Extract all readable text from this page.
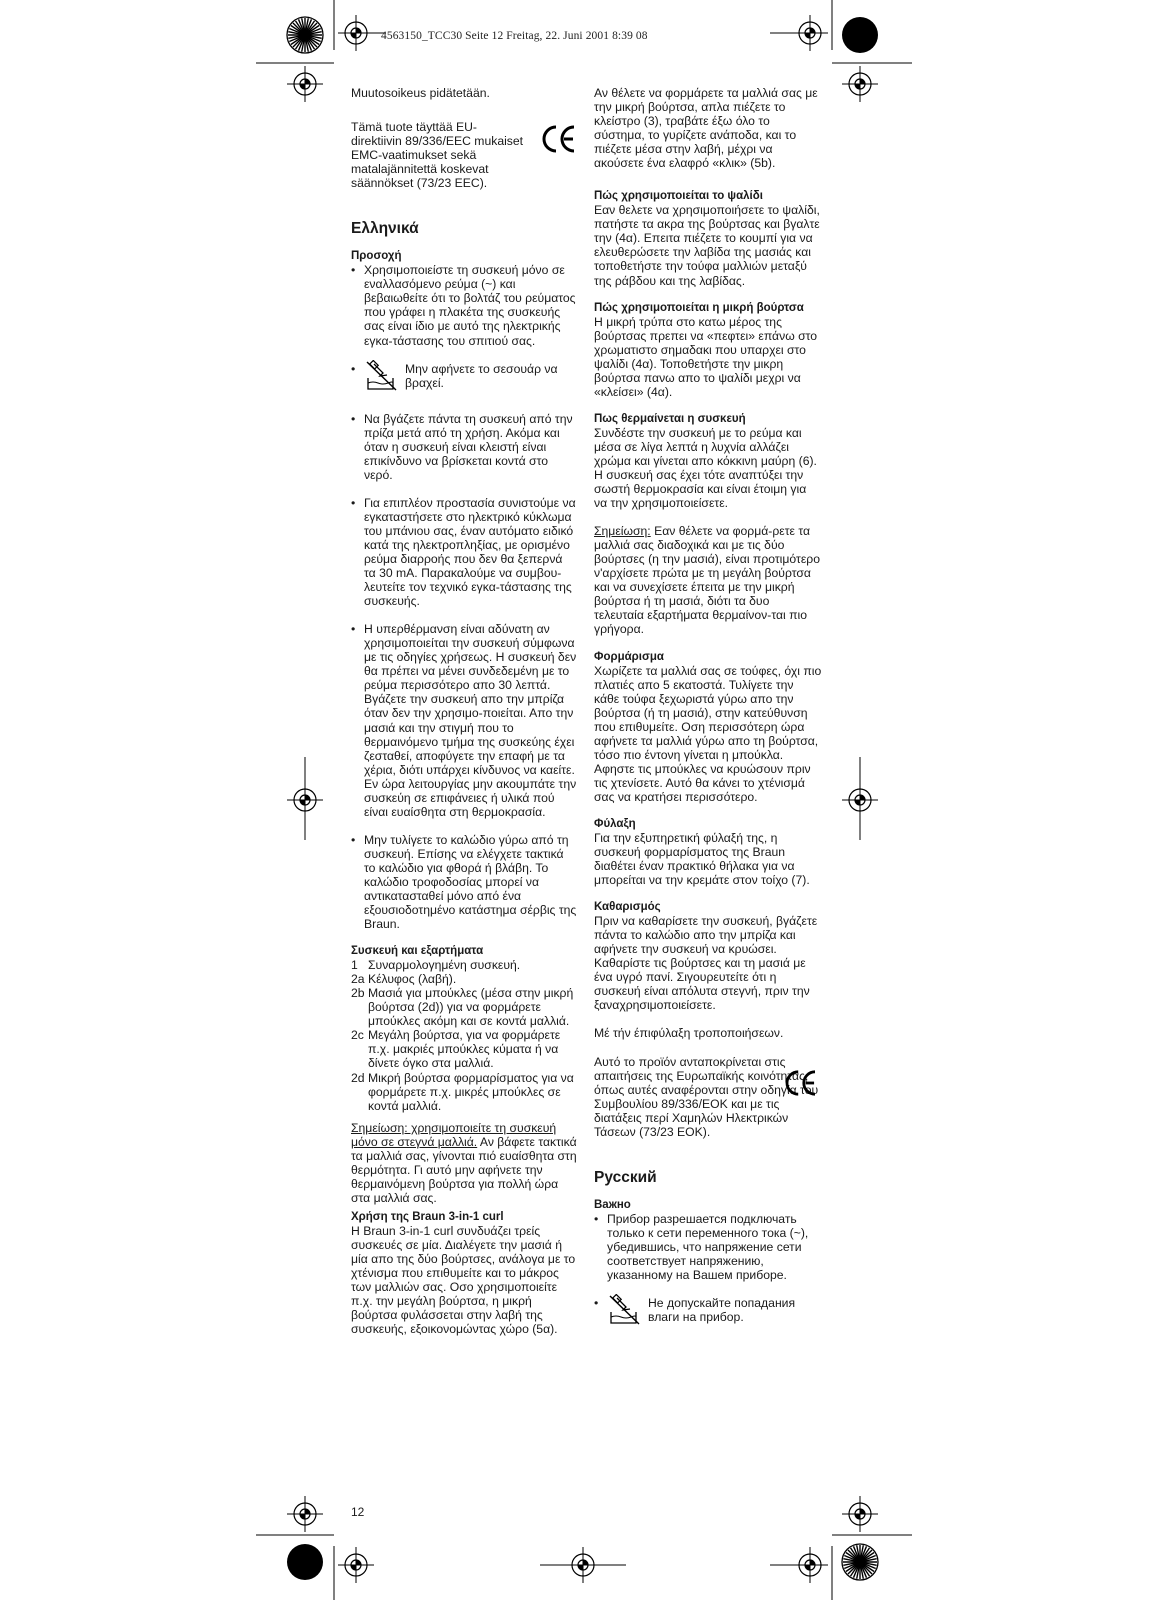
4563150_TCC30 Seite 12 Freitag, 22. Juni 2001 8:39 08

Muutosoikeus pidätetään.

Tämä tuote täyttää EU-direktiivin 89/336/EEC mukaiset EMC-vaatimukset sekä matalajännitettä koskevat säännökset (73/23 EEC).

Ελληνικά
Προσοχή
• Χρησιμοποιείστε τη συσκευή μόνο σε εναλλασόμενο ρεύμα (~) και βεβαιωθείτε ότι το βολτάζ του ρεύματος που γράφει η πλακέτα της συσκευής σας είναι ίδιο με αυτό της ηλεκτρικής εγκα-τάστασης του σπιτιού σας.

•	Μην αφήνετε το σεσουάρ να βραχεί.
• Να βγάζετε πάντα τη συσκευή από την πρίζα μετά από τη χρήση. Ακόμα και όταν η συσκευή είναι κλειστή είναι επικίνδυνο να βρίσκεται κοντά στο νερό.

• Για επιπλέον προστασία συνιστούμε να εγκαταστήσετε στο ηλεκτρικό κύκλωμα του μπάνιου σας, έναν αυτόματο ειδικό κατά της ηλεκτροπληξίας, με ορισμένο ρεύμα διαρροής που δεν θα ξεπερνά τα 30 mA. Παρακαλούμε να συμβου-λευτείτε τον τεχνικό εγκα-τάστασης της συσκευής.

• Η υπερθέρμανση είναι αδύνατη αν χρησιμοποιείται την συσκευή σύμφωνα με τις οδηγίες χρήσεως. Η συσκευή δεν θα πρέπει να μένει συνδεδεμένη με το ρεύμα περισσότερο απο 30 λεπτά. Βγάζετε την συσκευή απο την μπρίζα όταν δεν την χρησιμο-ποιείται. Απο την μασιά και την στιγμή που το θερμαινόμενο τμήμα της συσκεύης έχει ζεσταθεί, αποφύγετε την επαφή με τα χέρια, διότι υπάρχει κίνδυνος να καείτε. Εν ώρα λειτουργίας μην ακουμπάτε την συσκεύη σε επιφάνειες ή υλικά πού είναι ευαίσθητα στη θερμοκρασία.

• Μην τυλίγετε το καλώδιο γύρω από τη συσκευή. Επίσης να ελέγχετε τακτικά το καλώδιο για φθορά ή βλάβη. Το καλώδιο τροφοδοσίας μπορεί να αντικατασταθεί μόνο από ένα εξουσιοδοτημένο κατάστημα σέρβις της Braun.

Συσκευή και εξαρτήματα
1 Συναρμολογημένη συσκευή.
2a Κέλυφος (λαβή).
2b Μασιά για μπούκλες (μέσα στην μικρή βούρτσα (2d)) για να φορμάρετε μπούκλες ακόμη και σε κοντά μαλλιά.
2c Μεγάλη βούρτσα, για να φορμάρετε π.χ. μακριές μπούκλες κύματα ή να δίνετε όγκο στα μαλλιά.
2d Μικρή βούρτσα φορμαρίσματος για να φορμάρετε π.χ. μικρές μπούκλες σε κοντά μαλλιά.

Σημείωση: χρησιμοποιείτε τη συσκευή μόνο σε στεγνά μαλλιά. Αν βάφετε τακτικά τα μαλλιά σας, γίνονται πιό ευαίσθητα στη θερμότητα. Γι αυτό μην αφήνετε την θερμαινόμενη βούρτσα για πολλή ώρα στα μαλλιά σας.

Χρήση της Braun 3-in-1 curl

Η Braun 3-in-1 curl συνδυάζει τρείς συσκευές σε μία. Διαλέγετε την μασιά ή μία απο της δύο βούρτσες, ανάλογα με το χτένισμα που επιθυμείτε και το μάκρος των μαλλιών σας. Οσο χρησιμοποιείτε π.χ. την μεγάλη βούρτσα, η μικρή βούρτσα φυλάσσεται στην λαβή της συσκευής, εξοικονομώντας χώρο (5α).

12

Αν θέλετε να φορμάρετε τα μαλλιά σας με την μικρή βούρτσα, απλα πιέζετε το κλείστρο (3), τραβάτε έξω όλο το σύστημα, το γυρίζετε ανάποδα, και το πιέζετε μέσα στην λαβή, μέχρι να ακούσετε ένα ελαφρό «κλικ» (5b).

Πώς χρησιμοποιείται το ψαλίδι

Εαν θελετε να χρησιμοποιήσετε το ψαλίδι, πατήστε τα ακρα της βούρτσας και βγαλτε την (4α). Επειτα πιέζετε το κουμπί για να ελευθερώσετε την λαβίδα της μασιάς και τοποθετήστε την τούφα μαλλιών μεταξύ της ράβδου και της λαβίδας.

Πώς χρησιμοποιείται η μικρή βούρτσα

Η μικρή τρύπα στο κατω μέρος της βούρτσας πρεπει να «πεφτει» επάνω στο χρωματιστο σημαδακι που υπαρχει στο ψαλίδι (4α). Τοποθετήστε την μικρη βούρτσα πανω απο το ψαλίδι μεχρι να «κλείσει» (4α).

Πως θερμαίνεται η συσκευή

Συνδέστε την συσκευή με το ρεύμα και μέσα σε λίγα λεπτά η λυχνία αλλάζει χρώμα και γίνεται απο κόκκινη μαύρη (6). Η συσκευή σας έχει τότε αναπτύξει την σωστή θερμοκρασία και είναι έτοιμη για να την χρησιμοποιείσετε.

Σημείωση: Εαν θέλετε να φορμά-ρετε τα μαλλιά σας διαδοχικά και με τις δύο βούρτσες (η την μασιά), είναι προτιμότερο ν'αρχίσετε πρώτα με τη μεγάλη βούρτσα και να συνεχίσετε έπειτα με την μικρή βούρτσα ή τη μασιά, διότι τα δυο τελευταία εξαρτήματα θερμαίνον-ται πιο γρήγορα.

Φορμάρισμα

Χωρίζετε τα μαλλιά σας σε τούφες, όχι πιο πλατιές απο 5 εκατοστά. Τυλίγετε την κάθε τούφα ξεχωριστά γύρω απο την βούρτσα (ή τη μασιά), στην κατεύθυνση που επιθυμείτε. Οση περισσότερη ώρα αφήνετε τα μαλλιά γύρω απο τη βούρτσα, τόσο πιο έντονη γίνεται η μπούκλα. Αφηστε τις μπούκλες να κρυώσουν πριν τις χτενίσετε. Αυτό θα κάνει το χτένισμά σας να κρατήσει περισσότερο.

Φύλαξη

Για την εξυπηρετική φύλαξή της, η συσκευή φορμαρίσματος της Braun διαθέτει έναν πρακτικό θήλακα για να μπορείται να την κρεμάτε στον τοίχο (7).

Καθαρισμός

Πριν να καθαρίσετε την συσκευή, βγάζετε πάντα το καλώδιο απο την μπρίζα και αφήνετε την συσκευή να κρυώσει. Καθαρίστε τις βούρτσες και τη μασιά με ένα υγρό πανί. Σιγουρευτείτε ότι η συσκευή είναι απόλυτα στεγνή, πριν την ξαναχρησιμοποιείσετε.

Μέ τήν έπιφύλαξη τροποποιήσεων.

Αυτό το προϊόν ανταποκρίνεται στις απαιτήσεις της Ευρωπαϊκής κοινότητας, όπως αυτές αναφέρονται στην οδηγία του Συμβουλίου 89/336/ΕΟΚ και με τις διατάξεις περί Χαμηλών Ηλεκτρικών Τάσεων (73/23 ΕΟΚ).

Русский
Важно
• Прибор разрешается подключать только к сети переменного тока (~), убедившись, что напряжение сети соответствует напряжению, указанному на Вашем приборе.

•	Не допускайте попадания влаги на прибор.
